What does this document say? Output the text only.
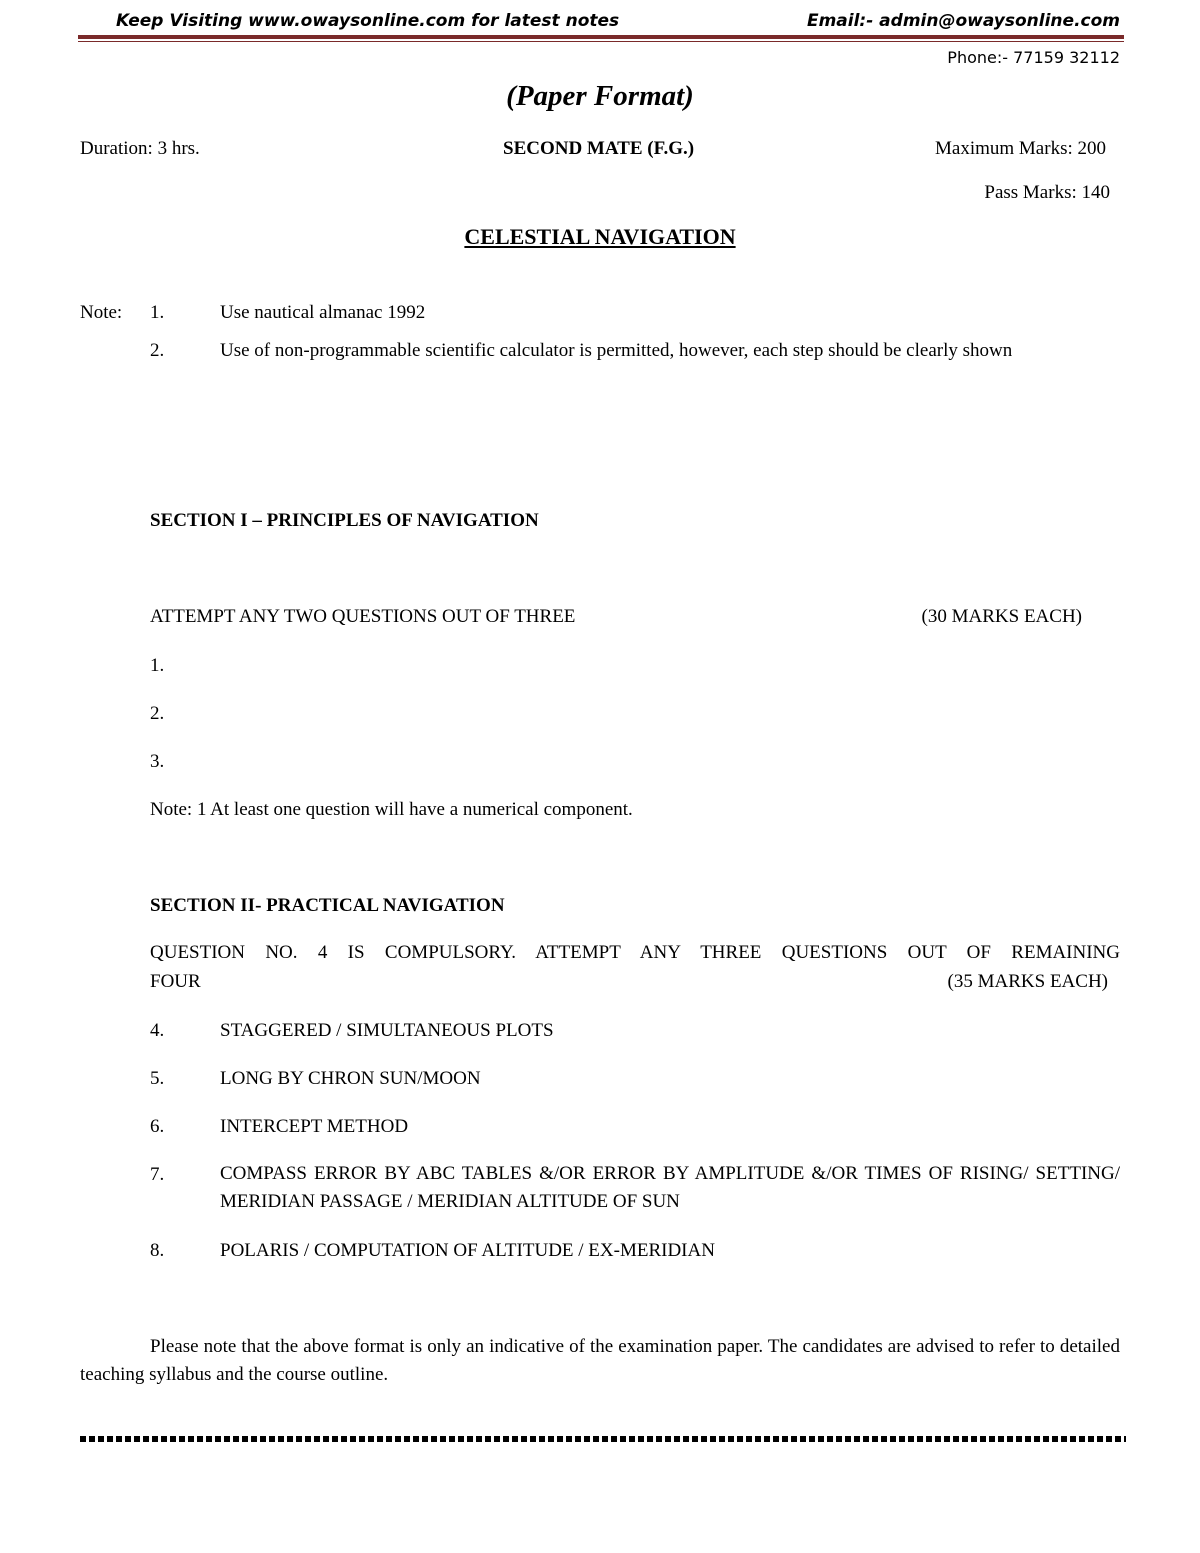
Keep Visiting www.owaysonline.com for latest notes	Email:- admin@owaysonline.com
Phone:- 77159 32112
(Paper Format)
Duration: 3 hrs.	SECOND MATE (F.G.)	Maximum Marks: 200
Pass Marks: 140
CELESTIAL NAVIGATION
Note: 1.	Use nautical almanac 1992
2.	Use of non-programmable scientific calculator is permitted, however, each step should be clearly shown
SECTION I – PRINCIPLES OF NAVIGATION
ATTEMPT ANY TWO QUESTIONS OUT OF THREE	(30 MARKS EACH)
1.
2.
3.
Note: 1 At least one question will have a numerical component.
SECTION II- PRACTICAL NAVIGATION
QUESTION NO. 4 IS COMPULSORY. ATTEMPT ANY THREE QUESTIONS OUT OF REMAINING
FOUR	(35 MARKS EACH)
4.	STAGGERED / SIMULTANEOUS PLOTS
5.	LONG BY CHRON SUN/MOON
6.	INTERCEPT METHOD
7.	COMPASS ERROR BY ABC TABLES &/OR ERROR BY AMPLITUDE &/OR TIMES OF RISING/ SETTING/ MERIDIAN PASSAGE / MERIDIAN ALTITUDE OF SUN
8.	POLARIS / COMPUTATION OF ALTITUDE / EX-MERIDIAN
Please note that the above format is only an indicative of the examination paper. The candidates are advised to refer to detailed teaching syllabus and the course outline.
